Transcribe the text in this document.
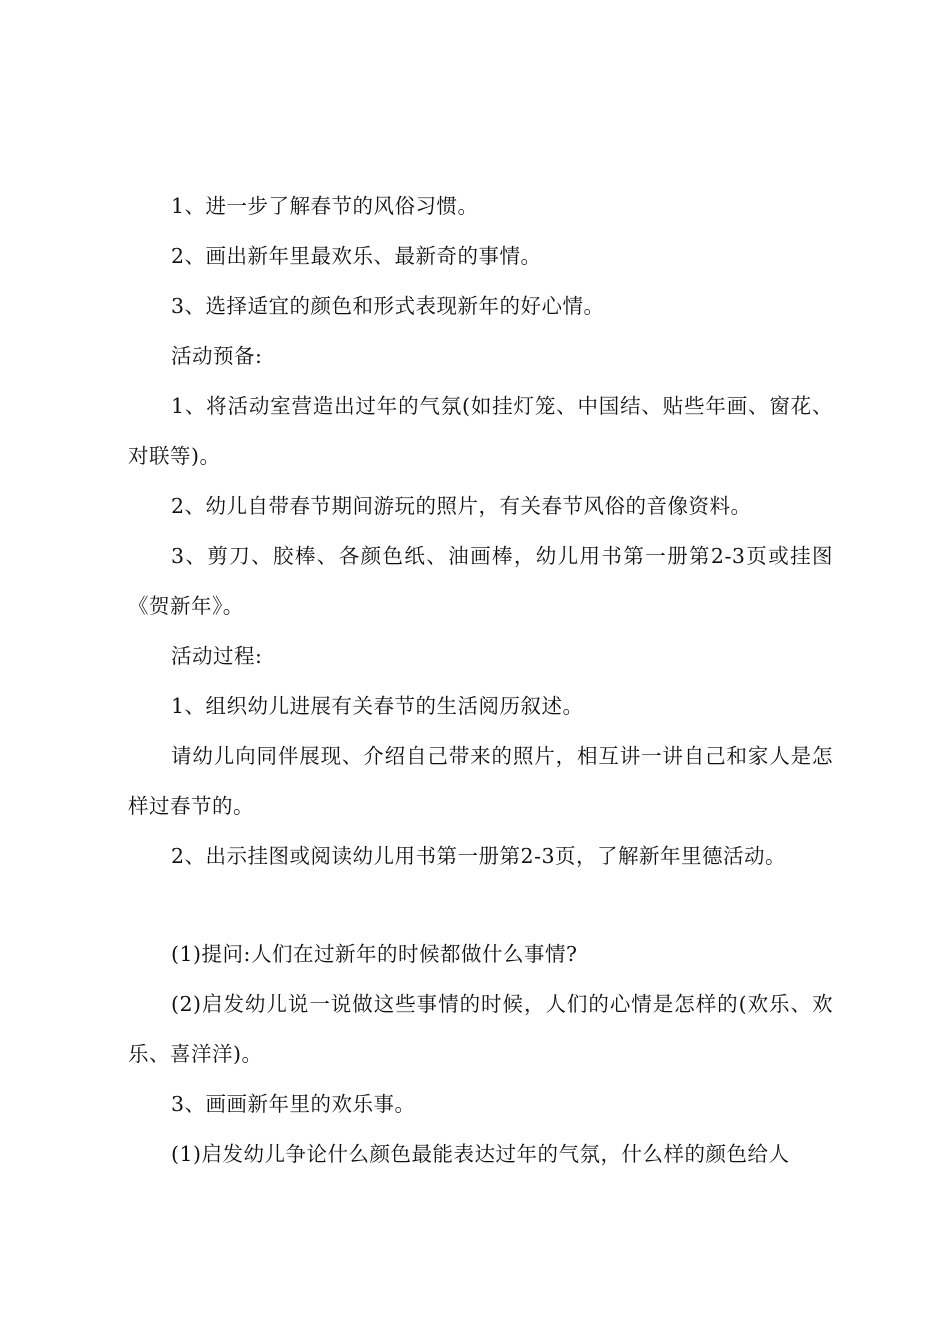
1、进一步了解春节的风俗习惯。

2、画出新年里最欢乐、最新奇的事情。

3、选择适宜的颜色和形式表现新年的好心情。

活动预备:

1、将活动室营造出过年的气氛(如挂灯笼、中国结、贴些年画、窗花、对联等)。

2、幼儿自带春节期间游玩的照片，有关春节风俗的音像资料。

3、剪刀、胶棒、各颜色纸、油画棒，幼儿用书第一册第2-3页或挂图《贺新年》。

活动过程:

1、组织幼儿进展有关春节的生活阅历叙述。

请幼儿向同伴展现、介绍自己带来的照片，相互讲一讲自己和家人是怎样过春节的。

2、出示挂图或阅读幼儿用书第一册第2-3页，了解新年里德活动。

(1)提问:人们在过新年的时候都做什么事情?

(2)启发幼儿说一说做这些事情的时候，人们的心情是怎样的(欢乐、欢乐、喜洋洋)。

3、画画新年里的欢乐事。

(1)启发幼儿争论什么颜色最能表达过年的气氛，什么样的颜色给人
